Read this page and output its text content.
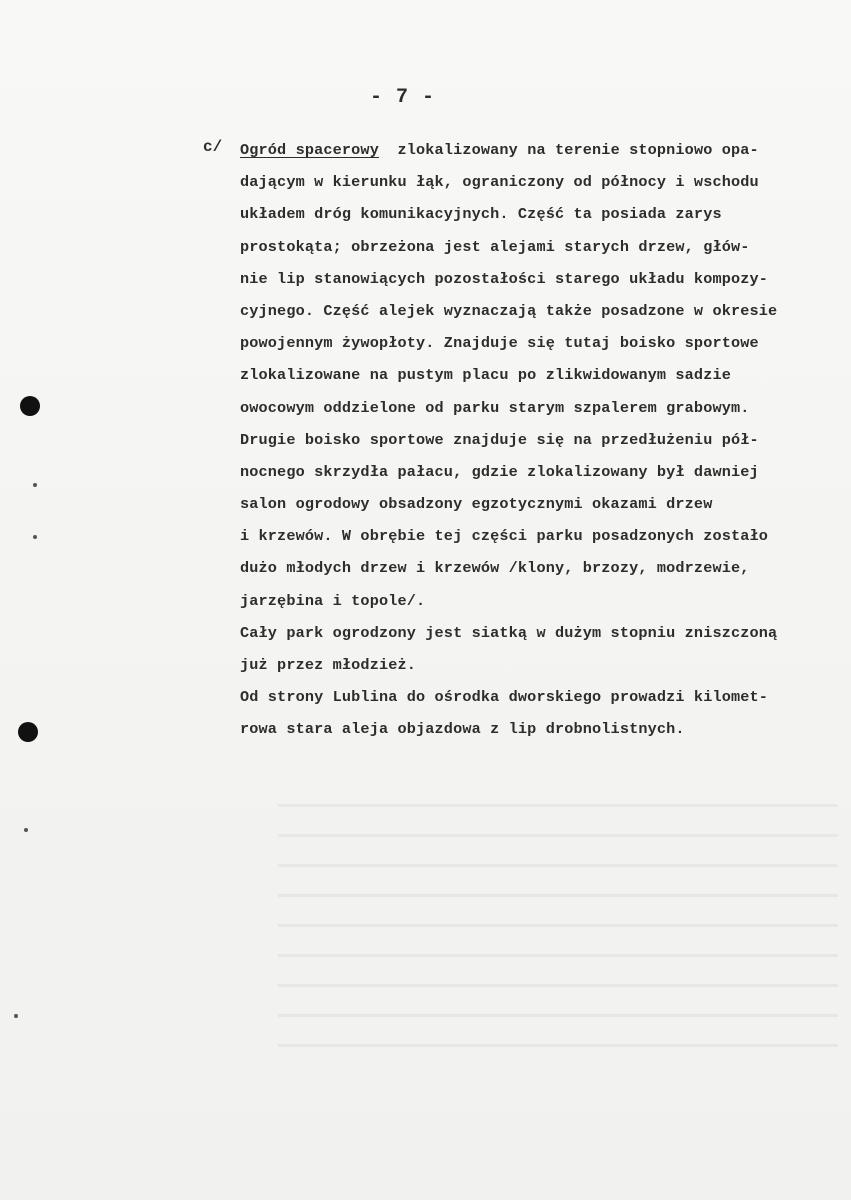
- 7 -
c/ Ogród spacerowy zlokalizowany na terenie stopniowo opa-
dającym w kierunku łąk, ograniczony od północy i wschodu
układem dróg komunikacyjnych. Część ta posiada zarys
prostokąta; obrzeżona jest alejami starych drzew, głów-
nie lip stanowiących pozostałości starego układu kompozy-
cyjnego. Część alejek wyznaczają także posadzone w okresie
powojennym żywopłoty. Znajduje się tutaj boisko sportowe
zlokalizowane na pustym placu po zlikwidowanym sadzie
owocowym oddzielone od parku starym szpalerem grabowym.
Drugie boisko sportowe znajduje się na przedłużeniu pół-
nocnego skrzydła pałacu, gdzie zlokalizowany był dawniej
salon ogrodowy obsadzony egzotycznymi okazami drzew
i krzewów. W obrębie tej części parku posadzonych zostało
dużo młodych drzew i krzewów /klony, brzozy, modrzewie,
jarzębina i topole/.
Cały park ogrodzony jest siatką w dużym stopniu zniszczoną
już przez młodzież.
Od strony Lublina do ośrodka dworskiego prowadzi kilomet-
rowa stara aleja objazdowa z lip drobnolistnych.
